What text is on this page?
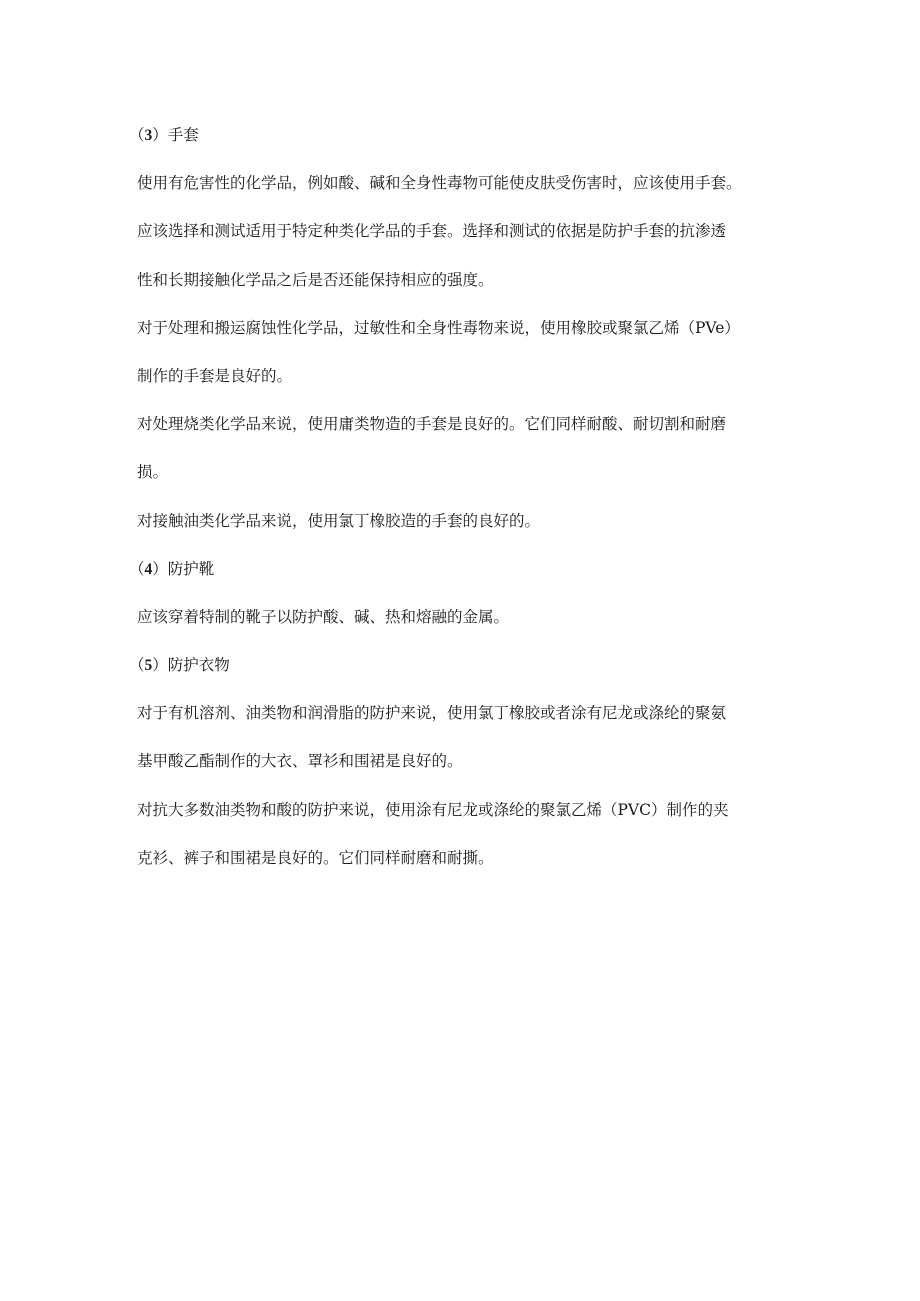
（3）手套
使用有危害性的化学品，例如酸、碱和全身性毒物可能使皮肤受伤害时，应该使用手套。
应该选择和测试适用于特定种类化学品的手套。选择和测试的依据是防护手套的抗渗透
性和长期接触化学品之后是否还能保持相应的强度。
对于处理和搬运腐蚀性化学品，过敏性和全身性毒物来说，使用橡胶或聚氯乙烯（PVe）
制作的手套是良好的。
对处理烧类化学品来说，使用庸类物造的手套是良好的。它们同样耐酸、耐切割和耐磨
损。
对接触油类化学品来说，使用氯丁橡胶造的手套的良好的。
（4）防护靴
应该穿着特制的靴子以防护酸、碱、热和熔融的金属。
（5）防护衣物
对于有机溶剂、油类物和润滑脂的防护来说，使用氯丁橡胶或者涂有尼龙或涤纶的聚氨
基甲酸乙酯制作的大衣、罩衫和围裙是良好的。
对抗大多数油类物和酸的防护来说，使用涂有尼龙或涤纶的聚氯乙烯（PVC）制作的夹
克衫、裤子和围裙是良好的。它们同样耐磨和耐撕。
